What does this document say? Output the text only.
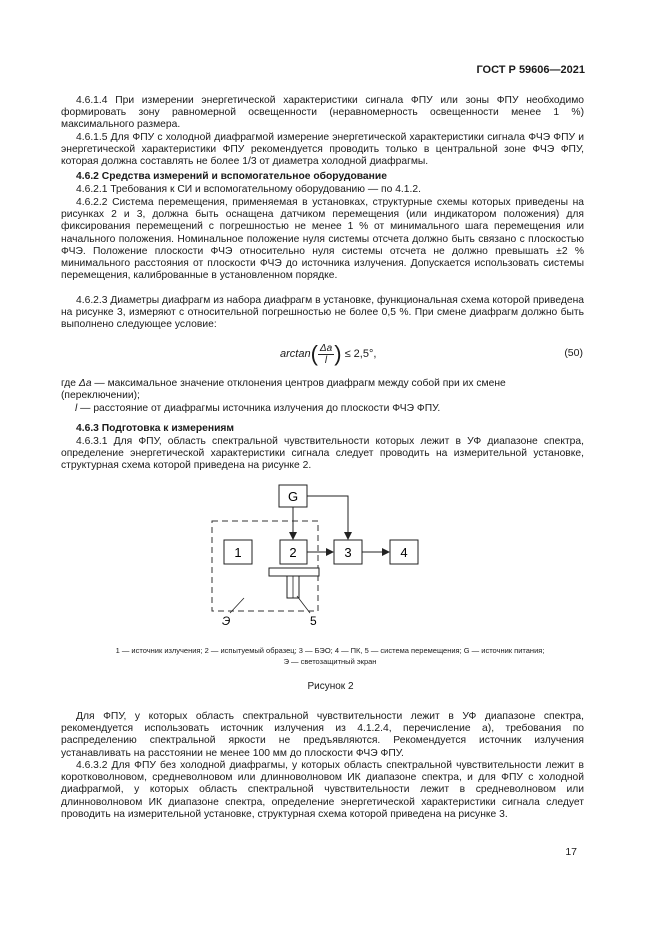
ГОСТ Р 59606—2021

4.6.1.4 При измерении энергетической характеристики сигнала ФПУ или зоны ФПУ необходимо формировать зону равномерной освещенности (неравномерность освещенности менее 1 %) максимального размера.

4.6.1.5 Для ФПУ с холодной диафрагмой измерение энергетической характеристики сигнала ФЧЭ ФПУ и энергетической характеристики ФПУ рекомендуется проводить только в центральной зоне ФЧЭ ФПУ, которая должна составлять не более 1/3 от диаметра холодной диафрагмы.

4.6.2 Средства измерений и вспомогательное оборудование

4.6.2.1 Требования к СИ и вспомогательному оборудованию — по 4.1.2.

4.6.2.2 Система перемещения, применяемая в установках, структурные схемы которых приведены на рисунках 2 и 3, должна быть оснащена датчиком перемещения (или индикатором положения) для фиксирования перемещений с погрешностью не менее 1 % от минимального шага перемещения или начального положения. Номинальное положение нуля системы отсчета должно быть связано с плоскостью ФЧЭ. Положение плоскости ФЧЭ относительно нуля системы отсчета не должно превышать ±2 % минимального расстояния от плоскости ФЧЭ до источника излучения. Допускается использовать системы перемещения, калиброванные в установленном порядке.

4.6.2.3 Диаметры диафрагм из набора диафрагм в установке, функциональная схема которой приведена на рисунке 3, измеряют с относительной погрешностью не более 0,5 %. При смене диафрагм должно быть выполнено следующее условие:

$\arctan( \frac{\Delta a}{l}$ ) ≤ 2,5°,	(50)
где Δa — максимальное значение отклонения центров диафрагм между собой при их смене (переключении);
l — расстояние от диафрагмы источника излучения до плоскости ФЧЭ ФПУ.

4.6.3 Подготовка к измерениям

4.6.3.1 Для ФПУ, область спектральной чувствительности которых лежит в УФ диапазоне спектра, определение энергетической характеристики сигнала следует проводить на измерительной установке, структурная схема которой приведена на рисунке 2.

G
1	2	3	4
Э	5
1 — источник излучения; 2 — испытуемый образец; 3 — БЭО; 4 — ПК, 5 — система перемещения; G — источник питания;
Э — светозащитный экран
Рисунок 2

Для ФПУ, у которых область спектральной чувствительности лежит в УФ диапазоне спектра, рекомендуется использовать источник излучения из 4.1.2.4, перечисление а), требования по распределению спектральной яркости не предъявляются. Рекомендуется источник излучения устанавливать на расстоянии не менее 100 мм до плоскости ФЧЭ ФПУ.

4.6.3.2 Для ФПУ без холодной диафрагмы, у которых область спектральной чувствительности лежит в коротковолновом, средневолновом или длинноволновом ИК диапазоне спектра, и для ФПУ с холодной диафрагмой, у которых область спектральной чувствительности лежит в средневолновом или длинноволновом ИК диапазоне спектра, определение энергетической характеристики сигнала следует проводить на измерительной установке, структурная схема которой приведена на рисунке 3.

17
